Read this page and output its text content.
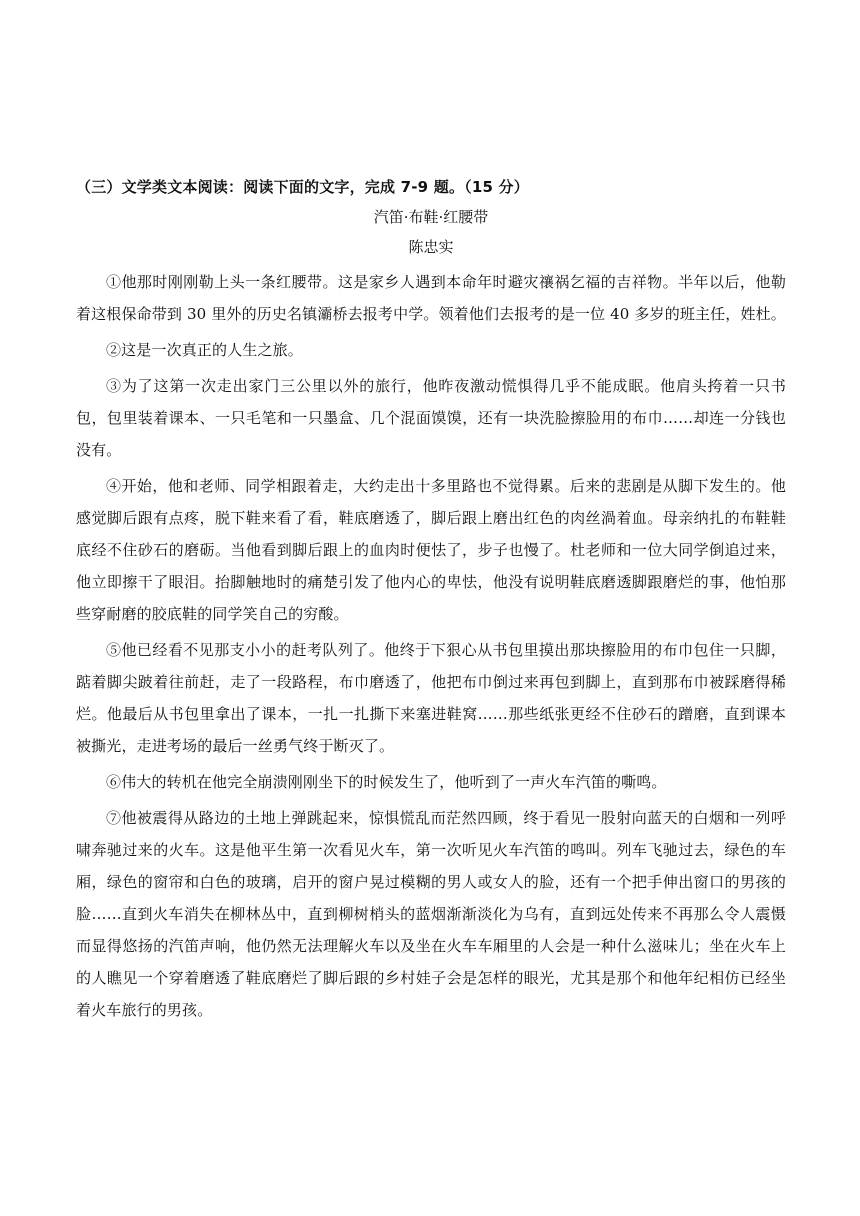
（三）文学类文本阅读：阅读下面的文字，完成 7-9 题。（15 分）

汽笛·布鞋·红腰带

陈忠实

①他那时刚刚勒上头一条红腰带。这是家乡人遇到本命年时避灾禳祸乞福的吉祥物。半年以后，他勒着这根保命带到 30 里外的历史名镇灞桥去报考中学。领着他们去报考的是一位 40 多岁的班主任，姓杜。

②这是一次真正的人生之旅。

③为了这第一次走出家门三公里以外的旅行，他昨夜激动慌惧得几乎不能成眠。他肩头挎着一只书包，包里装着课本、一只毛笔和一只墨盒、几个混面馍馍，还有一块洗脸擦脸用的布巾……却连一分钱也没有。

④开始，他和老师、同学相跟着走，大约走出十多里路也不觉得累。后来的悲剧是从脚下发生的。他感觉脚后跟有点疼，脱下鞋来看了看，鞋底磨透了，脚后跟上磨出红色的肉丝渦着血。母亲纳扎的布鞋鞋底经不住砂石的磨砺。当他看到脚后跟上的血肉时便怯了，步子也慢了。杜老师和一位大同学倒追过来，他立即擦干了眼泪。抬脚触地时的痛楚引发了他内心的卑怯，他没有说明鞋底磨透脚跟磨烂的事，他怕那些穿耐磨的胶底鞋的同学笑自己的穷酸。

⑤他已经看不见那支小小的赶考队列了。他终于下狠心从书包里摸出那块擦脸用的布巾包住一只脚，踮着脚尖跛着往前赶，走了一段路程，布巾磨透了，他把布巾倒过来再包到脚上，直到那布巾被踩磨得稀烂。他最后从书包里拿出了课本，一扎一扎撕下来塞进鞋窝……那些纸张更经不住砂石的蹭磨，直到课本被撕光，走进考场的最后一丝勇气终于断灭了。

⑥伟大的转机在他完全崩溃刚刚坐下的时候发生了，他听到了一声火车汽笛的嘶鸣。

⑦他被震得从路边的土地上弹跳起来，惊惧慌乱而茫然四顾，终于看见一股射向蓝天的白烟和一列呼啸奔驰过来的火车。这是他平生第一次看见火车，第一次听见火车汽笛的鸣叫。列车飞驰过去，绿色的车厢，绿色的窗帘和白色的玻璃，启开的窗户晃过模糊的男人或女人的脸，还有一个把手伸出窗口的男孩的脸……直到火车消失在柳林丛中，直到柳树梢头的蓝烟渐渐淡化为乌有，直到远处传来不再那么令人震慑而显得悠扬的汽笛声响，他仍然无法理解火车以及坐在火车车厢里的人会是一种什么滋味儿；坐在火车上的人瞧见一个穿着磨透了鞋底磨烂了脚后跟的乡村娃子会是怎样的眼光，尤其是那个和他年纪相仿已经坐着火车旅行的男孩。
